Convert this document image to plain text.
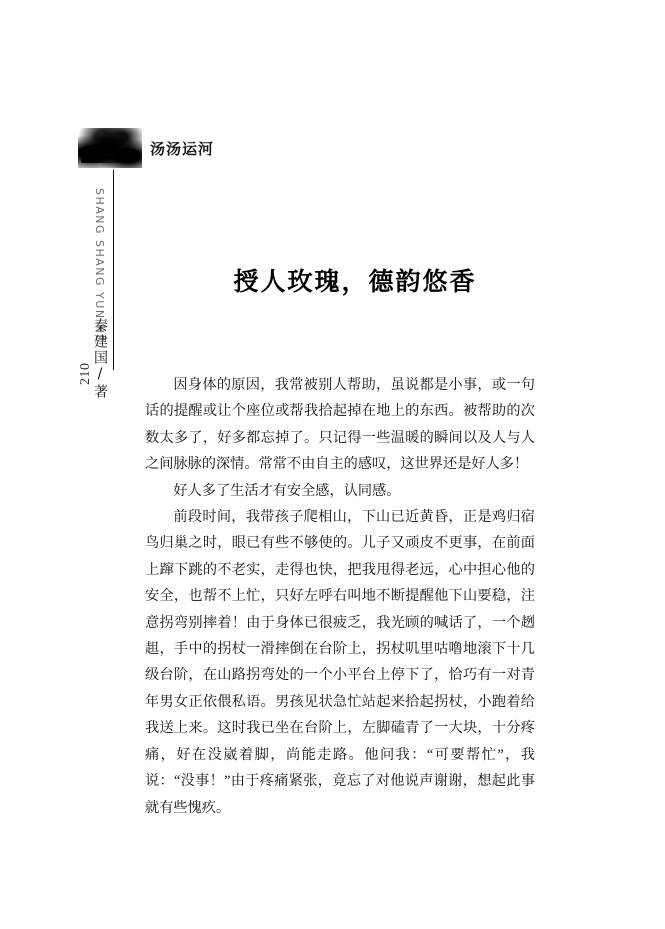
汤汤运河
SHANG SHANG YUN HE
秦建国/著
210
授人玫瑰，德韵悠香

因身体的原因，我常被别人帮助，虽说都是小事，或一句话的提醒或让个座位或帮我拾起掉在地上的东西。被帮助的次数太多了，好多都忘掉了。只记得一些温暖的瞬间以及人与人之间脉脉的深情。常常不由自主的感叹，这世界还是好人多！

好人多了生活才有安全感，认同感。

前段时间，我带孩子爬相山，下山已近黄昏，正是鸡归宿鸟归巢之时，眼已有些不够使的。儿子又顽皮不更事，在前面上蹿下跳的不老实，走得也快，把我甩得老远，心中担心他的安全，也帮不上忙，只好左呼右叫地不断提醒他下山要稳，注意拐弯别摔着！由于身体已很疲乏，我光顾的喊话了，一个趔趄，手中的拐杖一滑摔倒在台阶上，拐杖叽里咕噜地滚下十几级台阶，在山路拐弯处的一个小平台上停下了，恰巧有一对青年男女正依偎私语。男孩见状急忙站起来拾起拐杖，小跑着给我送上来。这时我已坐在台阶上，左脚磕青了一大块，十分疼痛，好在没崴着脚，尚能走路。他问我：“可要帮忙”，我说：“没事！”由于疼痛紧张，竟忘了对他说声谢谢，想起此事就有些愧疚。
